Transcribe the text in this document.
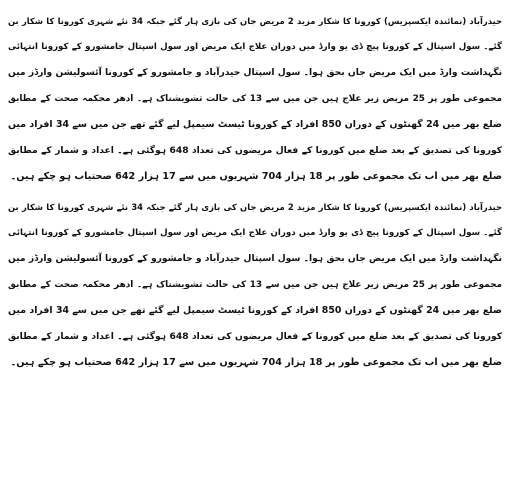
حیدرآباد (نمائندہ ایکسپریس) کورونا کا شکار مزید 2 مریض جان کی بازی ہار گئے جبکہ 34 نئے شہری کورونا کا شکار بن
گئے۔ سول اسپتال کے کورونا پیچ ڈی یو وارڈ میں دوران علاج ایک مریض اور سول اسپتال جامشورو کے کورونا انتہائی
نگہداشت وارڈ میں ایک مریض جاں بحق ہوا۔ سول اسپتال حیدرآباد و جامشورو کے کورونا آئسولیشن وارڈز میں
مجموعی طور پر 25 مریض زیر علاج ہیں جن میں سے 13 کی حالت تشویشناک ہے۔ ادھر محکمہ صحت کے مطابق
ضلع بھر میں 24 گھنٹوں کے دوران 850 افراد کے کورونا ٹیسٹ سیمپل لیے گئے تھے جن میں سے 34 افراد میں
کورونا کی تصدیق کے بعد ضلع میں کورونا کے فعال مریضوں کی تعداد 648 ہوگئی ہے۔ اعداد و شمار کے مطابق
ضلع بھر میں اب تک مجموعی طور پر 18 ہزار 704 شہریوں میں سے 17 ہزار 642 صحتیاب ہو چکے ہیں۔
حیدرآباد (نمائندہ ایکسپریس) کورونا کا شکار مزید 2 مریض جان کی بازی ہار گئے جبکہ 34 نئے شہری کورونا کا شکار بن
گئے۔ سول اسپتال کے کورونا پیچ ڈی یو وارڈ میں دوران علاج ایک مریض اور سول اسپتال جامشورو کے کورونا انتہائی
نگہداشت وارڈ میں ایک مریض جاں بحق ہوا۔ سول اسپتال حیدرآباد و جامشورو کے کورونا آئسولیشن وارڈز میں
مجموعی طور پر 25 مریض زیر علاج ہیں جن میں سے 13 کی حالت تشویشناک ہے۔ ادھر محکمہ صحت کے مطابق
ضلع بھر میں 24 گھنٹوں کے دوران 850 افراد کے کورونا ٹیسٹ سیمپل لیے گئے تھے جن میں سے 34 افراد میں
کورونا کی تصدیق کے بعد ضلع میں کورونا کے فعال مریضوں کی تعداد 648 ہوگئی ہے۔ اعداد و شمار کے مطابق
ضلع بھر میں اب تک مجموعی طور پر 18 ہزار 704 شہریوں میں سے 17 ہزار 642 صحتیاب ہو چکے ہیں۔
